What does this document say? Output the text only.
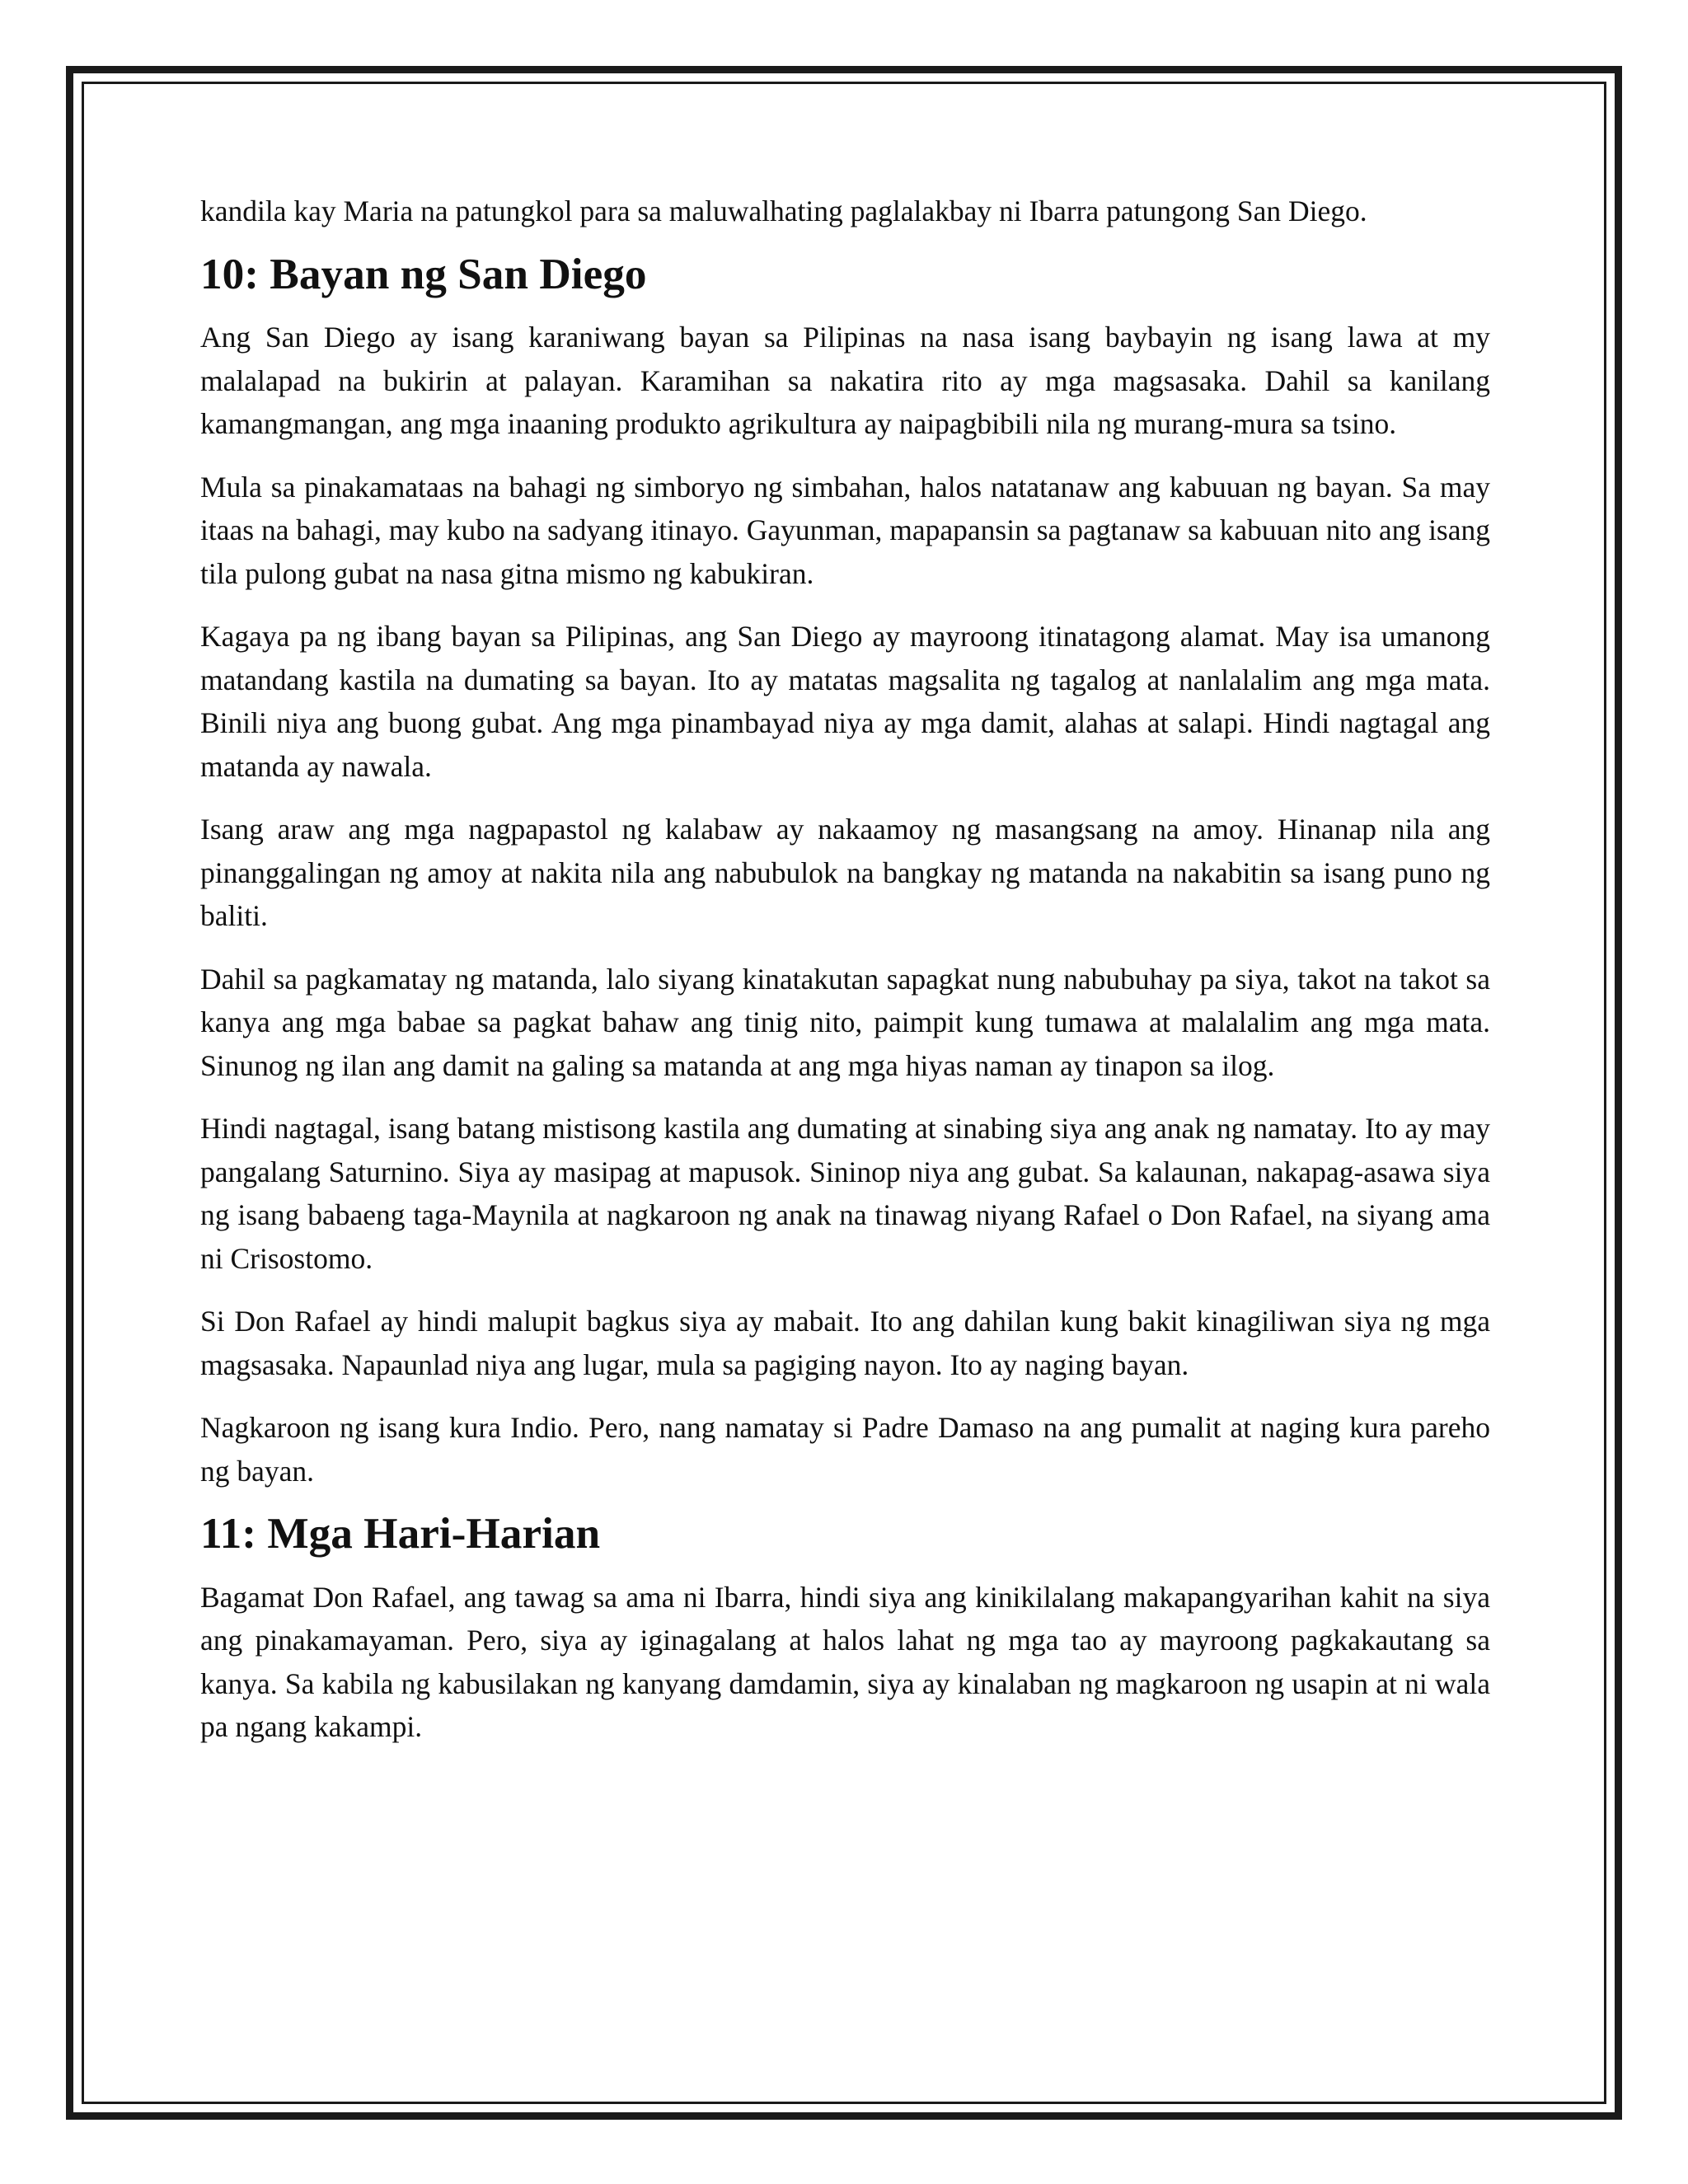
kandila kay Maria na patungkol para sa maluwalhating paglalakbay ni Ibarra patungong San Diego.

10: Bayan ng San Diego

Ang San Diego ay isang karaniwang bayan sa Pilipinas na nasa isang baybayin ng isang lawa at my malalapad na bukirin at palayan. Karamihan sa nakatira rito ay mga magsasaka. Dahil sa kanilang kamangmangan, ang mga inaaning produkto agrikultura ay naipagbibili nila ng murang-mura sa tsino.

Mula sa pinakamataas na bahagi ng simboryo ng simbahan, halos natatanaw ang kabuuan ng bayan. Sa may itaas na bahagi, may kubo na sadyang itinayo. Gayunman, mapapansin sa pagtanaw sa kabuuan nito ang isang tila pulong gubat na nasa gitna mismo ng kabukiran.

Kagaya pa ng ibang bayan sa Pilipinas, ang San Diego ay mayroong itinatagong alamat. May isa umanong matandang kastila na dumating sa bayan. Ito ay matatas magsalita ng tagalog at nanlalalim ang mga mata. Binili niya ang buong gubat. Ang mga pinambayad niya ay mga damit, alahas at salapi. Hindi nagtagal ang matanda ay nawala.

Isang araw ang mga nagpapastol ng kalabaw ay nakaamoy ng masangsang na amoy. Hinanap nila ang pinanggalingan ng amoy at nakita nila ang nabubulok na bangkay ng matanda na nakabitin sa isang puno ng baliti.

Dahil sa pagkamatay ng matanda, lalo siyang kinatakutan sapagkat nung nabubuhay pa siya, takot na takot sa kanya ang mga babae sa pagkat bahaw ang tinig nito, paimpit kung tumawa at malalalim ang mga mata. Sinunog ng ilan ang damit na galing sa matanda at ang mga hiyas naman ay tinapon sa ilog.

Hindi nagtagal, isang batang mistisong kastila ang dumating at sinabing siya ang anak ng namatay. Ito ay may pangalang Saturnino. Siya ay masipag at mapusok. Sininop niya ang gubat. Sa kalaunan, nakapag-asawa siya ng isang babaeng taga-Maynila at nagkaroon ng anak na tinawag niyang Rafael o Don Rafael, na siyang ama ni Crisostomo.

Si Don Rafael ay hindi malupit bagkus siya ay mabait. Ito ang dahilan kung bakit kinagiliwan siya ng mga magsasaka. Napaunlad niya ang lugar, mula sa pagiging nayon. Ito ay naging bayan.

Nagkaroon ng isang kura Indio. Pero, nang namatay si Padre Damaso na ang pumalit at naging kura pareho ng bayan.

11: Mga Hari-Harian

Bagamat Don Rafael, ang tawag sa ama ni Ibarra, hindi siya ang kinikilalang makapangyarihan kahit na siya ang pinakamayaman. Pero, siya ay iginagalang at halos lahat ng mga tao ay mayroong pagkakautang sa kanya. Sa kabila ng kabusilakan ng kanyang damdamin, siya ay kinalaban ng magkaroon ng usapin at ni wala pa ngang kakampi.
